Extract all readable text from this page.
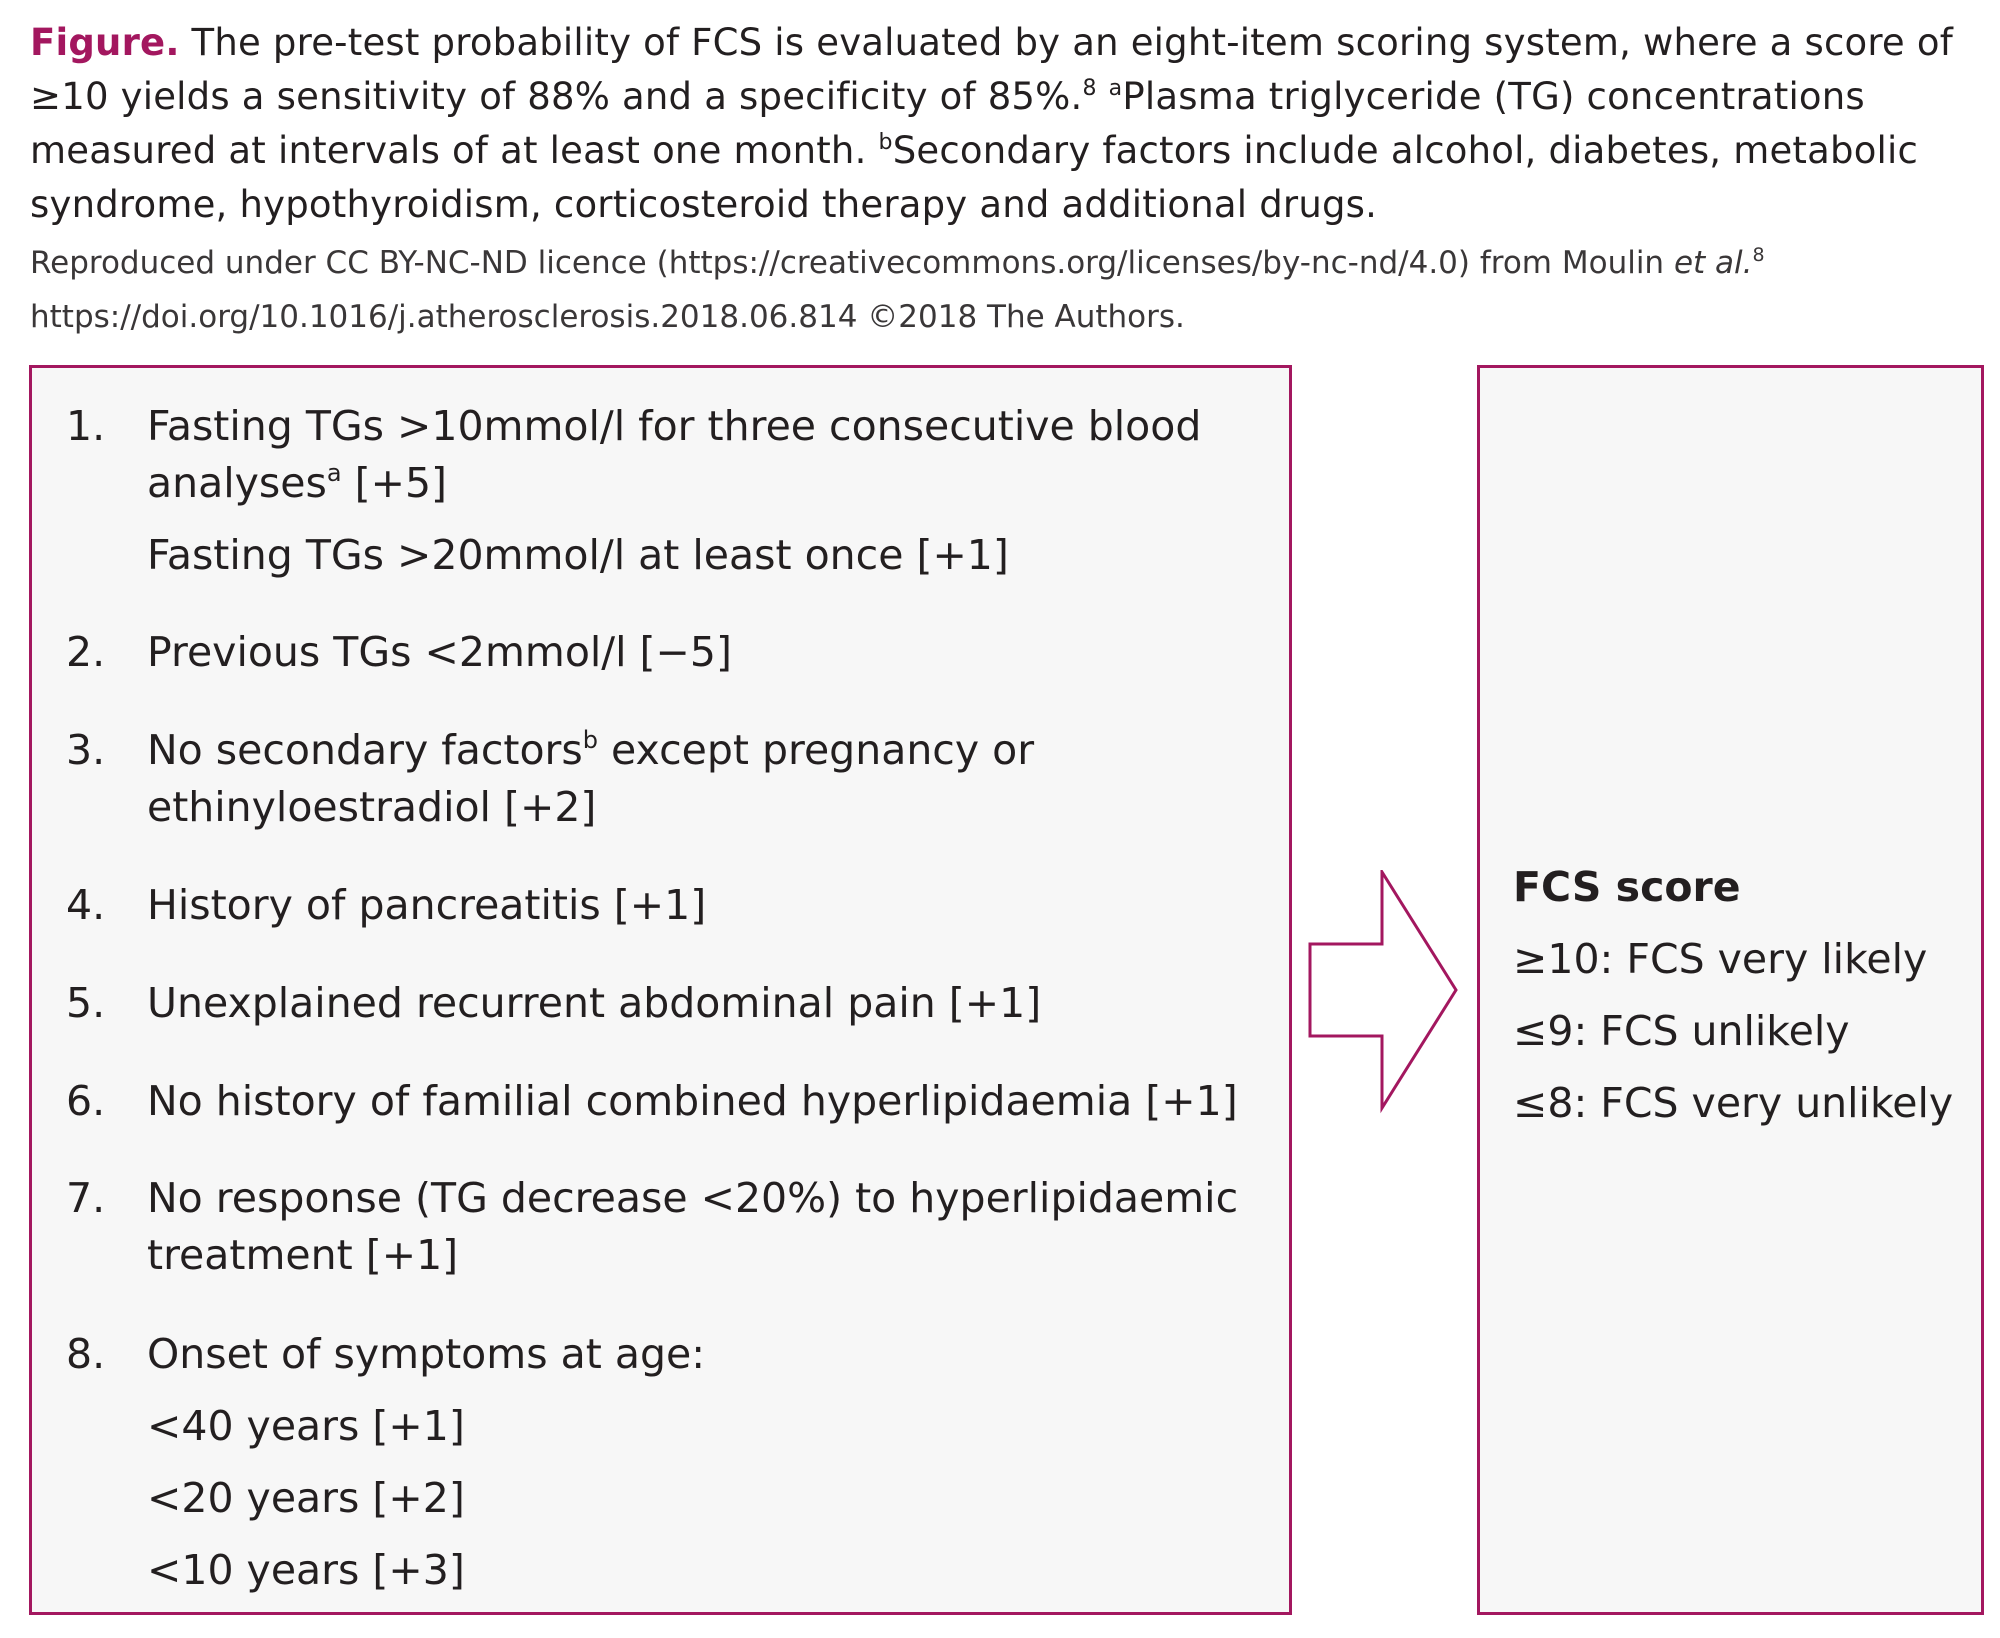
Figure. The pre-test probability of FCS is evaluated by an eight-item scoring system, where a score of ≥10 yields a sensitivity of 88% and a specificity of 85%.$^8$ $^a$Plasma triglyceride (TG) concentrations measured at intervals of at least one month. $^b$Secondary factors include alcohol, diabetes, metabolic syndrome, hypothyroidism, corticosteroid therapy and additional drugs.
Reproduced under CC BY-NC-ND licence (https://creativecommons.org/licenses/by-nc-nd/4.0) from Moulin et al.$^8$
https://doi.org/10.1016/j.atherosclerosis.2018.06.814 ©2018 The Authors.
1. Fasting TGs >10mmol/l for three consecutive blood analyses$^a$ [+5]
Fasting TGs >20mmol/l at least once [+1]
2. Previous TGs <2mmol/l [−5]
3. No secondary factors$^b$ except pregnancy or ethinyloestradiol [+2]
4. History of pancreatitis [+1]
5. Unexplained recurrent abdominal pain [+1]
6. No history of familial combined hyperlipidaemia [+1]
7. No response (TG decrease <20%) to hyperlipidaemic treatment [+1]
8. Onset of symptoms at age:
<40 years [+1]
<20 years [+2]
<10 years [+3]
FCS score
≥10: FCS very likely
≤9: FCS unlikely
≤8: FCS very unlikely
